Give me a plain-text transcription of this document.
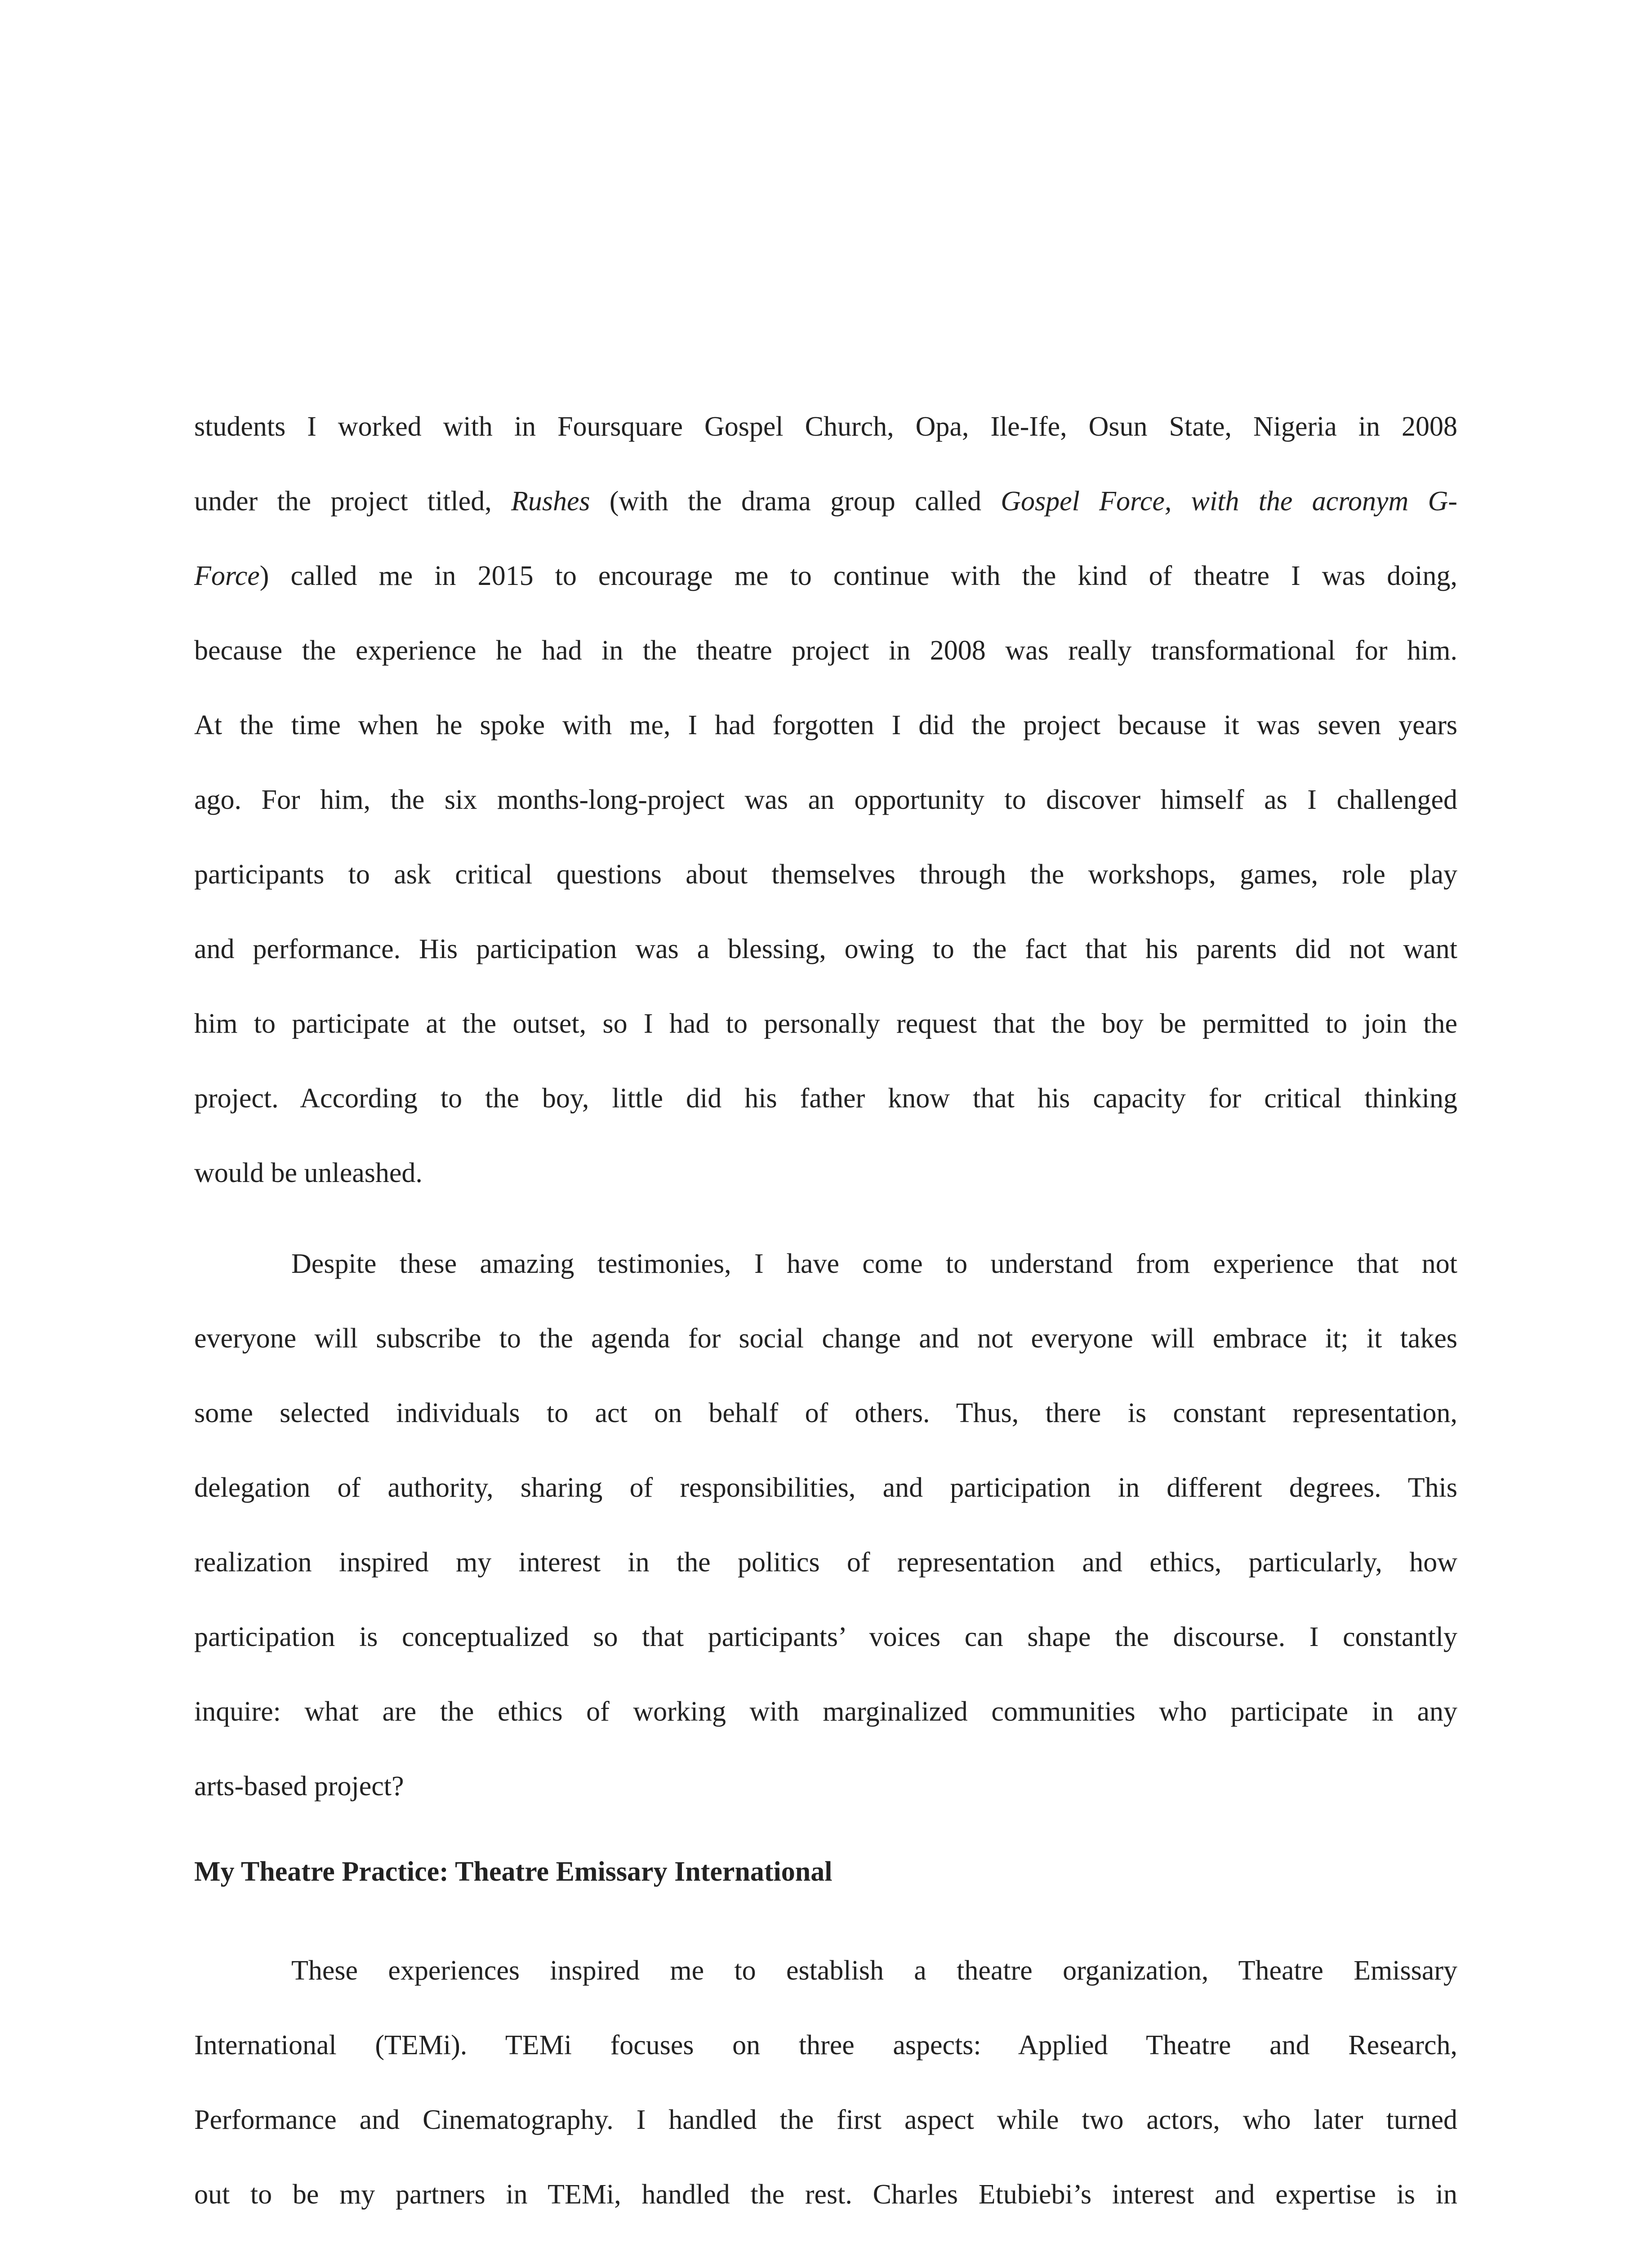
students I worked with in Foursquare Gospel Church, Opa, Ile-Ife, Osun State, Nigeria in 2008
under the project titled, Rushes (with the drama group called Gospel Force, with the acronym G-
Force) called me in 2015 to encourage me to continue with the kind of theatre I was doing,
because the experience he had in the theatre project in 2008 was really transformational for him.
At the time when he spoke with me, I had forgotten I did the project because it was seven years
ago. For him, the six months-long-project was an opportunity to discover himself as I challenged
participants to ask critical questions about themselves through the workshops, games, role play
and performance. His participation was a blessing, owing to the fact that his parents did not want
him to participate at the outset, so I had to personally request that the boy be permitted to join the
project. According to the boy, little did his father know that his capacity for critical thinking
would be unleashed.
Despite these amazing testimonies, I have come to understand from experience that not
everyone will subscribe to the agenda for social change and not everyone will embrace it; it takes
some selected individuals to act on behalf of others. Thus, there is constant representation,
delegation of authority, sharing of responsibilities, and participation in different degrees. This
realization inspired my interest in the politics of representation and ethics, particularly, how
participation is conceptualized so that participants’ voices can shape the discourse. I constantly
inquire: what are the ethics of working with marginalized communities who participate in any
arts-based project?
My Theatre Practice: Theatre Emissary International
These experiences inspired me to establish a theatre organization, Theatre Emissary
International (TEMi). TEMi focuses on three aspects: Applied Theatre and Research,
Performance and Cinematography. I handled the first aspect while two actors, who later turned
out to be my partners in TEMi, handled the rest. Charles Etubiebi’s interest and expertise is in
